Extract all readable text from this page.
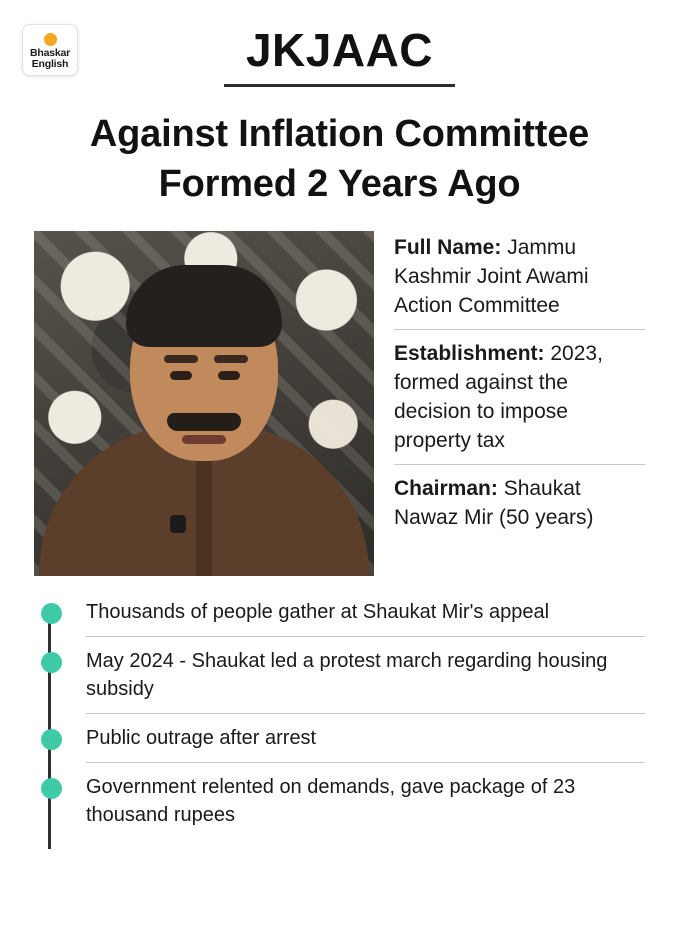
Bhaskar
English	JKJAAC
Against Inflation Committee Formed 2 Years Ago

Full Name: Jammu Kashmir Joint Awami Action Committee

Establishment: 2023, formed against the decision to impose property tax

Chairman: Shaukat Nawaz Mir (50 years)

Thousands of people gather at Shaukat Mir's appeal
May 2024 - Shaukat led a protest march regarding housing subsidy
Public outrage after arrest
Government relented on demands, gave package of 23 thousand rupees
